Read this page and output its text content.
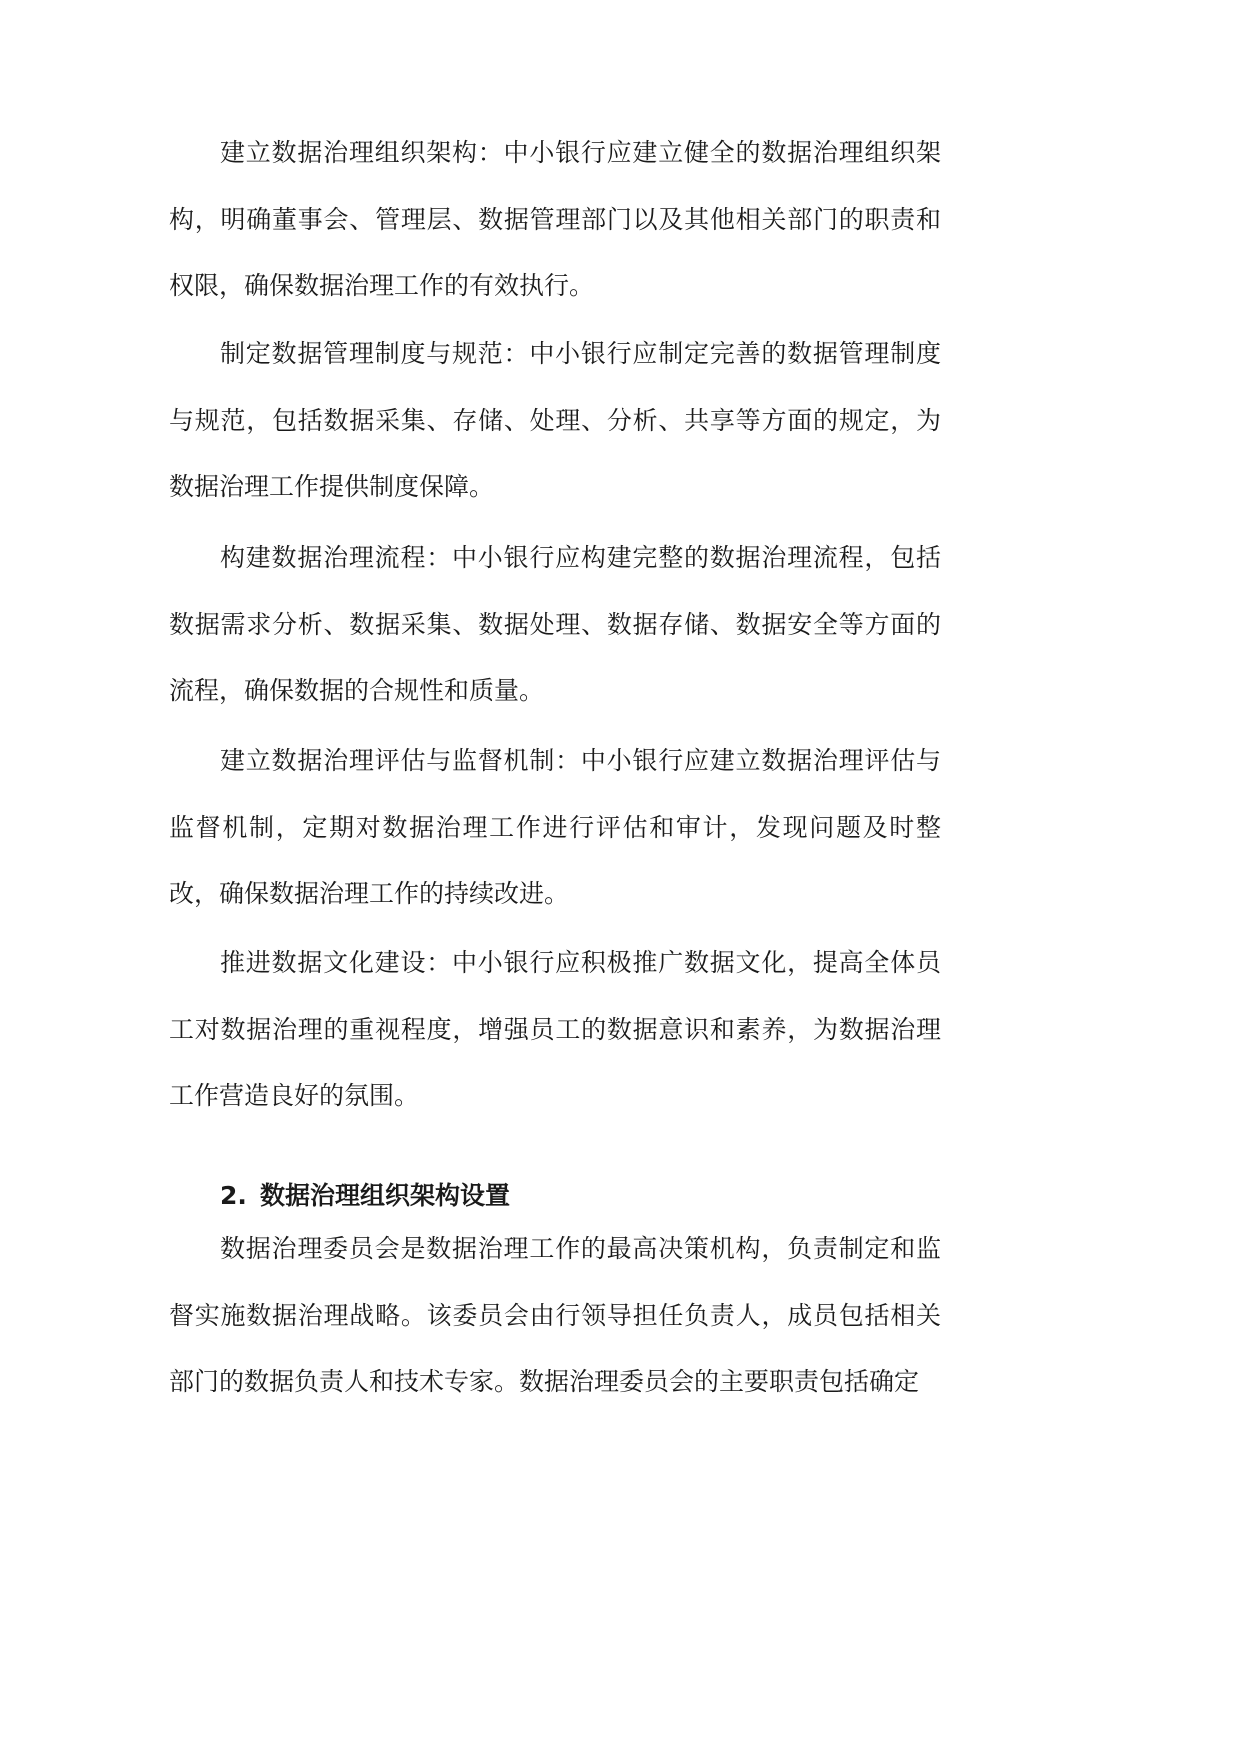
建立数据治理组织架构：中小银行应建立健全的数据治理组织架构，明确董事会、管理层、数据管理部门以及其他相关部门的职责和权限，确保数据治理工作的有效执行。

制定数据管理制度与规范：中小银行应制定完善的数据管理制度与规范，包括数据采集、存储、处理、分析、共享等方面的规定，为数据治理工作提供制度保障。

构建数据治理流程：中小银行应构建完整的数据治理流程，包括数据需求分析、数据采集、数据处理、数据存储、数据安全等方面的流程，确保数据的合规性和质量。

建立数据治理评估与监督机制：中小银行应建立数据治理评估与监督机制，定期对数据治理工作进行评估和审计，发现问题及时整改，确保数据治理工作的持续改进。

推进数据文化建设：中小银行应积极推广数据文化，提高全体员工对数据治理的重视程度，增强员工的数据意识和素养，为数据治理工作营造良好的氛围。

2. 数据治理组织架构设置

数据治理委员会是数据治理工作的最高决策机构，负责制定和监督实施数据治理战略。该委员会由行领导担任负责人，成员包括相关部门的数据负责人和技术专家。数据治理委员会的主要职责包括确定
